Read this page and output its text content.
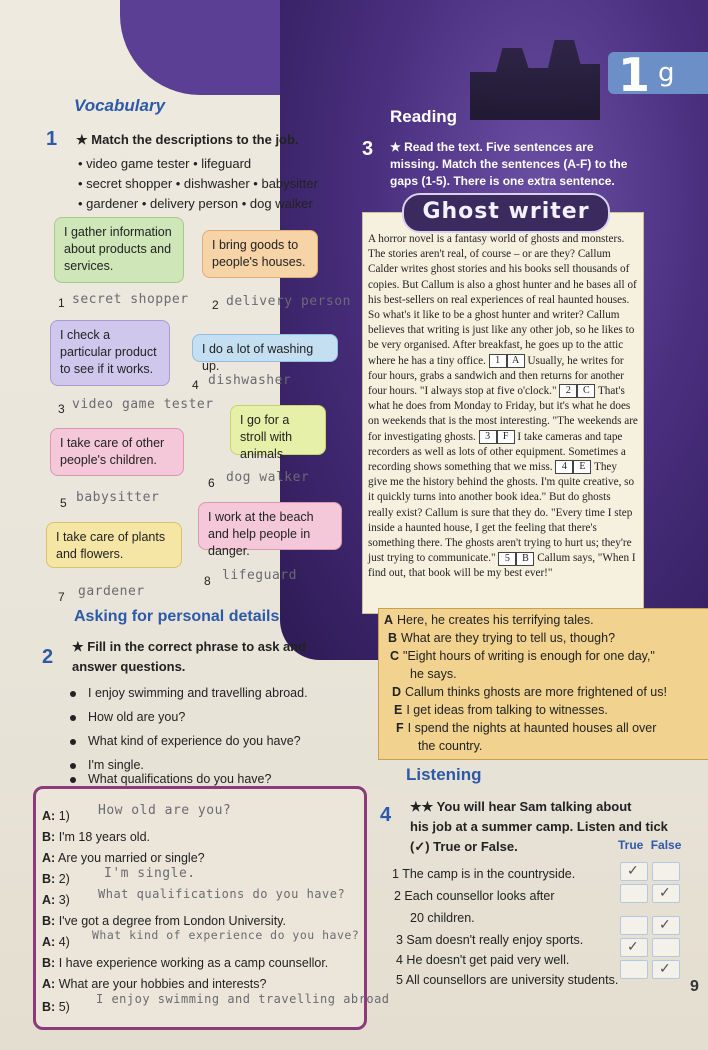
1 g
Vocabulary
1 ★ Match the descriptions to the job.
• video game tester • lifeguard
• secret shopper • dishwasher • babysitter
• gardener • delivery person • dog walker
I gather information about products and services.
I bring goods to people's houses.
I check a particular product to see if it works.
I do a lot of washing up.
I go for a stroll with animals.
I take care of other people's children.
I work at the beach and help people in danger.
I take care of plants and flowers.
1 secret shopper 2 delivery person
3 video game tester
4 dishwasher
5 babysitter
6 dog walker
7 gardener
8 lifeguard
Asking for personal details
2 ★ Fill in the correct phrase to ask and
answer questions.
I enjoy swimming and travelling abroad.
How old are you?
What kind of experience do you have?
I'm single.
What qualifications do you have?
A: 1) How old are you?
B: I'm 18 years old.
A: Are you married or single?
B: 2)	I'm single.
A: 3) What qualifications do you have?
B: I've got a degree from London University.
A: 4) What kind of experience do you have?
B: I have experience working as a camp counsellor.
A: What are your hobbies and interests?
B: 5)
I enjoy swimming and travelling abroad
Reading
3 ★ Read the text. Five sentences are
missing. Match the sentences (A-F) to the
gaps (1-5). There is one extra sentence.
Ghost writer

A horror novel is a fantasy world of ghosts and monsters. The stories aren't real, of course – or are they? Callum Calder writes ghost stories and his books sell thousands of copies. But Callum is also a ghost hunter and he bases all of his best-sellers on real experiences of real haunted houses. So what's it like to be a ghost hunter and writer? Callum believes that writing is just like any other job, so he likes to be very organised. After breakfast, he goes up to the attic where he has a tiny office. 1 A Usually, he writes for four hours, grabs a sandwich and then returns for another four hours. "I always stop at five o'clock." 2 C That's what he does from Monday to Friday, but it's what he does on weekends that is the most interesting. "The weekends are for investigating ghosts. 3 F I take cameras and tape recorders as well as lots of other equipment. Sometimes a recording shows something that we miss. 4 E They give me the history behind the ghosts. I'm quite creative, so it quickly turns into another book idea." But do ghosts really exist? Callum is sure that they do. "Every time I step inside a haunted house, I get the feeling that there's something there. The ghosts aren't trying to hurt us; they're just trying to communicate." 5 B Callum says, "When I find out, that book will be my best ever!"

A Here, he creates his terrifying tales.
B What are they trying to tell us, though?
C "Eight hours of writing is enough for one day,"
he says.
D Callum thinks ghosts are more frightened of us!
E I get ideas from talking to witnesses.
F I spend the nights at haunted houses all over
the country.
Listening
4 ★★ You will hear Sam talking about
his job at a summer camp. Listen and tick
(✓) True or False.	True False
1 The camp is in the countryside.
2 Each counsellor looks after
20 children.
3 Sam doesn't really enjoy sports.
4 He doesn't get paid very well.
5 All counsellors are university students.
✓
✓
✓
✓
✓
9
